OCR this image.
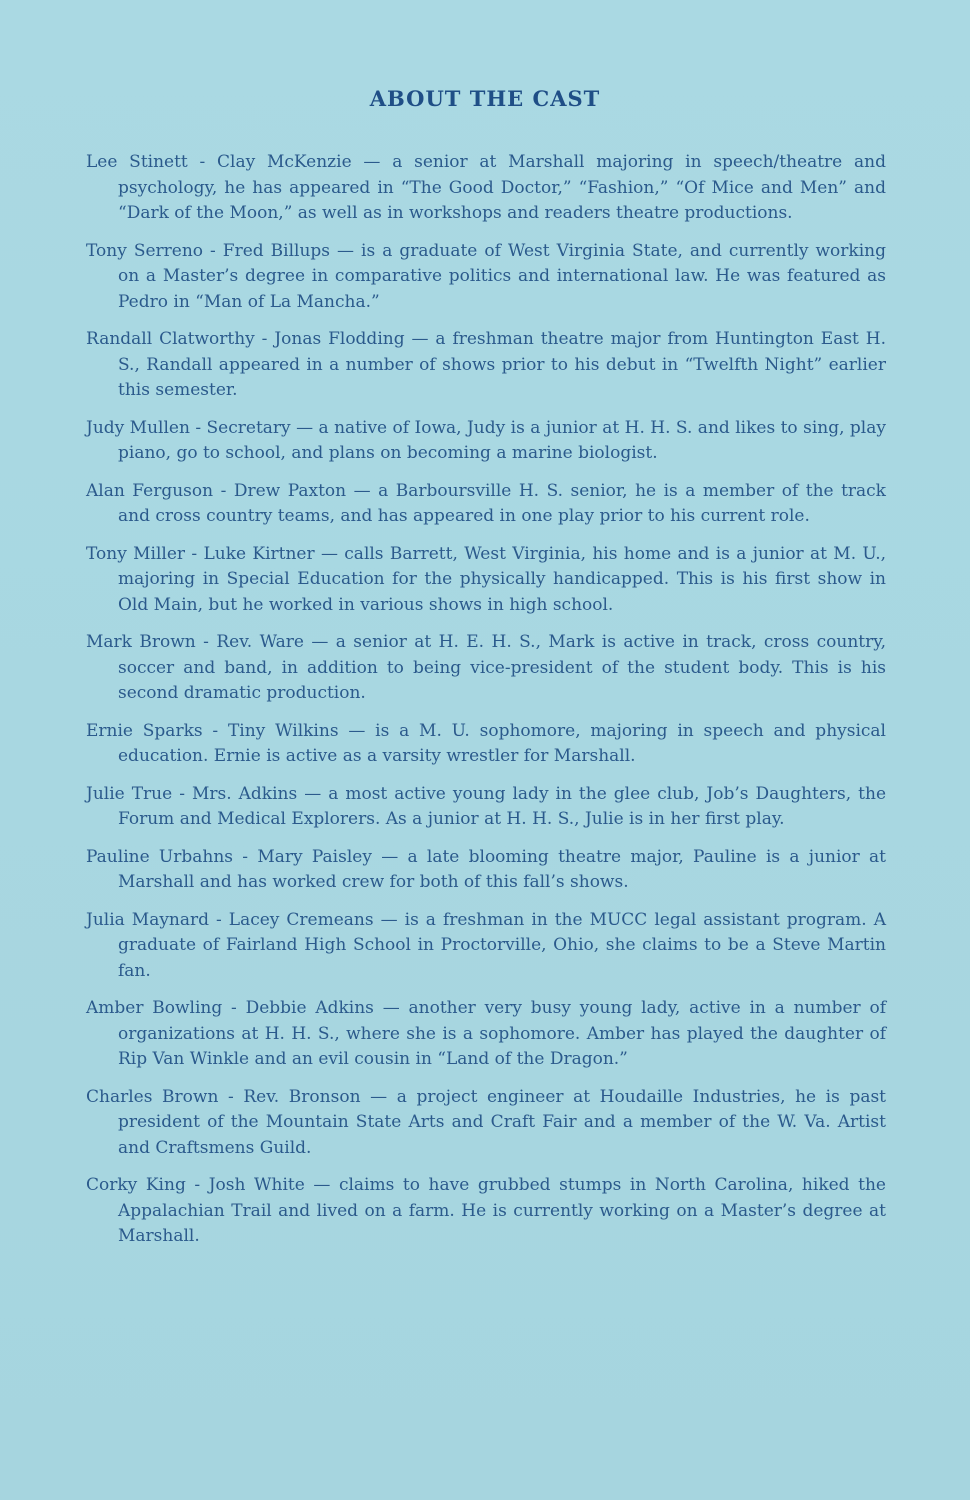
ABOUT THE CAST

Lee Stinett - Clay McKenzie — a senior at Marshall majoring in speech/theatre and psychology, he has appeared in “The Good Doctor,” “Fashion,” “Of Mice and Men” and “Dark of the Moon,” as well as in workshops and readers theatre productions.

Tony Serreno - Fred Billups — is a graduate of West Virginia State, and currently working on a Master’s degree in comparative politics and international law. He was featured as Pedro in “Man of La Mancha.”

Randall Clatworthy - Jonas Flodding — a freshman theatre major from Huntington East H. S., Randall appeared in a number of shows prior to his debut in “Twelfth Night” earlier this semester.

Judy Mullen - Secretary — a native of Iowa, Judy is a junior at H. H. S. and likes to sing, play piano, go to school, and plans on becoming a marine biologist.

Alan Ferguson - Drew Paxton — a Barboursville H. S. senior, he is a member of the track and cross country teams, and has appeared in one play prior to his current role.

Tony Miller - Luke Kirtner — calls Barrett, West Virginia, his home and is a junior at M. U., majoring in Special Education for the physically handicapped. This is his first show in Old Main, but he worked in various shows in high school.

Mark Brown - Rev. Ware — a senior at H. E. H. S., Mark is active in track, cross country, soccer and band, in addition to being vice-president of the student body. This is his second dramatic production.

Ernie Sparks - Tiny Wilkins — is a M. U. sophomore, majoring in speech and physical education. Ernie is active as a varsity wrestler for Marshall.

Julie True - Mrs. Adkins — a most active young lady in the glee club, Job’s Daughters, the Forum and Medical Explorers. As a junior at H. H. S., Julie is in her first play.

Pauline Urbahns - Mary Paisley — a late blooming theatre major, Pauline is a junior at Marshall and has worked crew for both of this fall’s shows.

Julia Maynard - Lacey Cremeans — is a freshman in the MUCC legal assistant program. A graduate of Fairland High School in Proctorville, Ohio, she claims to be a Steve Martin fan.

Amber Bowling - Debbie Adkins — another very busy young lady, active in a number of organizations at H. H. S., where she is a sophomore. Amber has played the daughter of Rip Van Winkle and an evil cousin in “Land of the Dragon.”

Charles Brown - Rev. Bronson — a project engineer at Houdaille Industries, he is past president of the Mountain State Arts and Craft Fair and a member of the W. Va. Artist and Craftsmens Guild.

Corky King - Josh White — claims to have grubbed stumps in North Carolina, hiked the Appalachian Trail and lived on a farm. He is currently working on a Master’s degree at Marshall.
